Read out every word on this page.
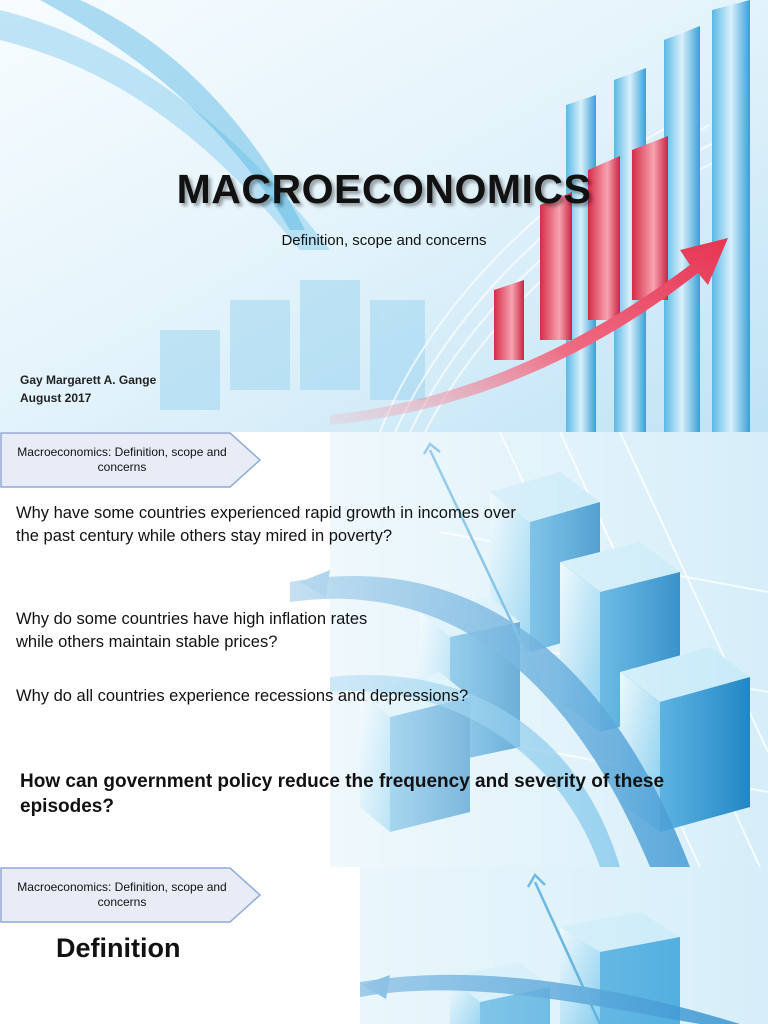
MACROECONOMICS
Definition, scope and concerns
Gay Margarett A. Gange
August 2017
Macroeconomics: Definition, scope and concerns
Why have some countries experienced rapid growth in incomes over the past century while others stay mired in poverty?
Why do some countries have high inflation rates while others maintain stable prices?
Why do all countries experience recessions and depressions?
How can government policy reduce the frequency and severity of these episodes?
Macroeconomics: Definition, scope and concerns
Definition
